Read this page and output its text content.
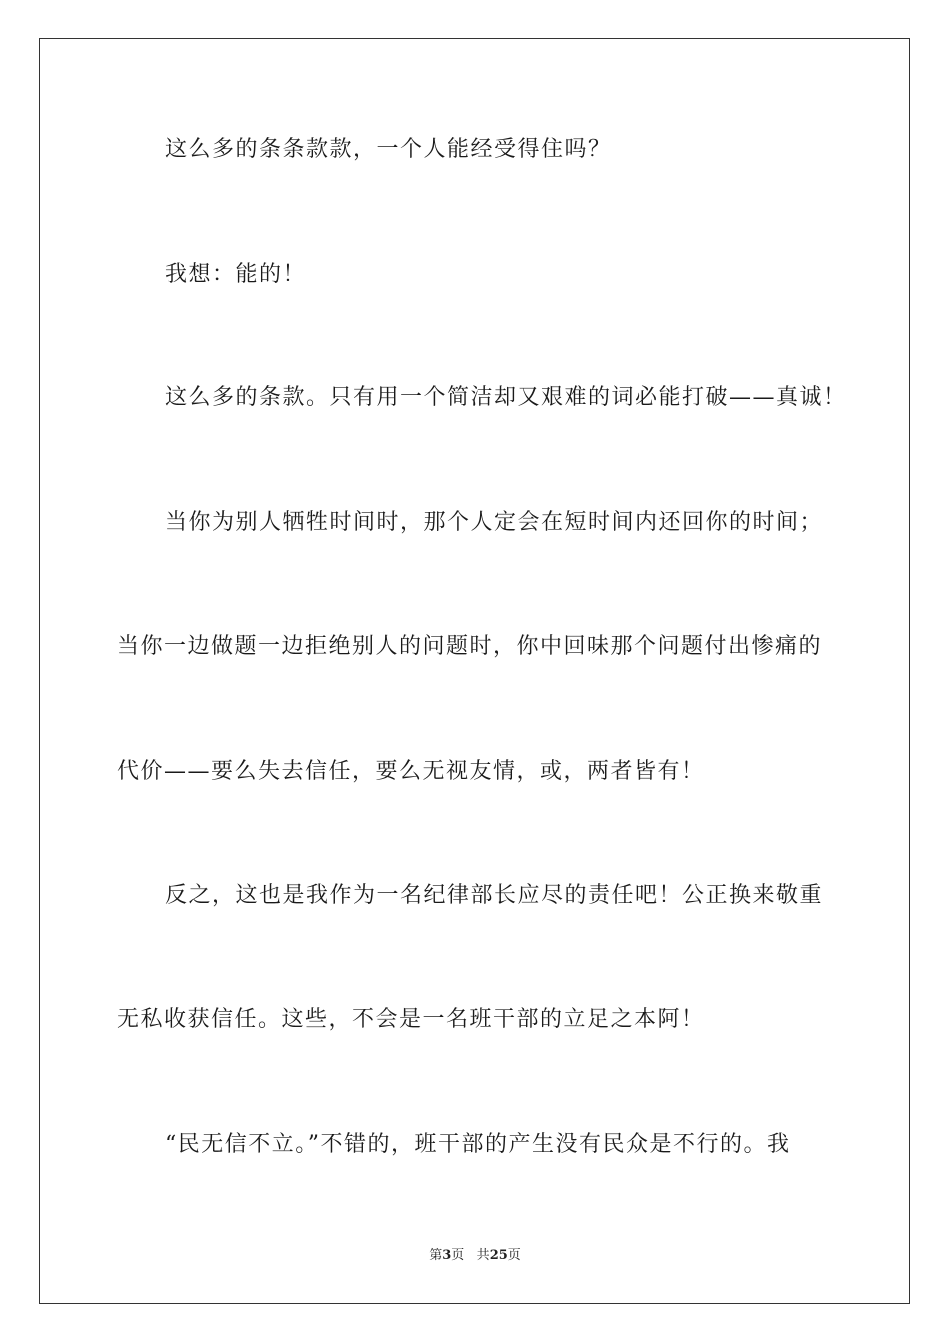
这么多的条条款款，一个人能经受得住吗？
我想：能的！
这么多的条款。只有用一个简洁却又艰难的词必能打破——真诚！
当你为别人牺牲时间时，那个人定会在短时间内还回你的时间；
当你一边做题一边拒绝别人的问题时，你中回味那个问题付出惨痛的
代价——要么失去信任，要么无视友情，或，两者皆有！
反之，这也是我作为一名纪律部长应尽的责任吧！公正换来敬重
无私收获信任。这些，不会是一名班干部的立足之本阿！
“民无信不立。”不错的，班干部的产生没有民众是不行的。我
第3页 共25页
